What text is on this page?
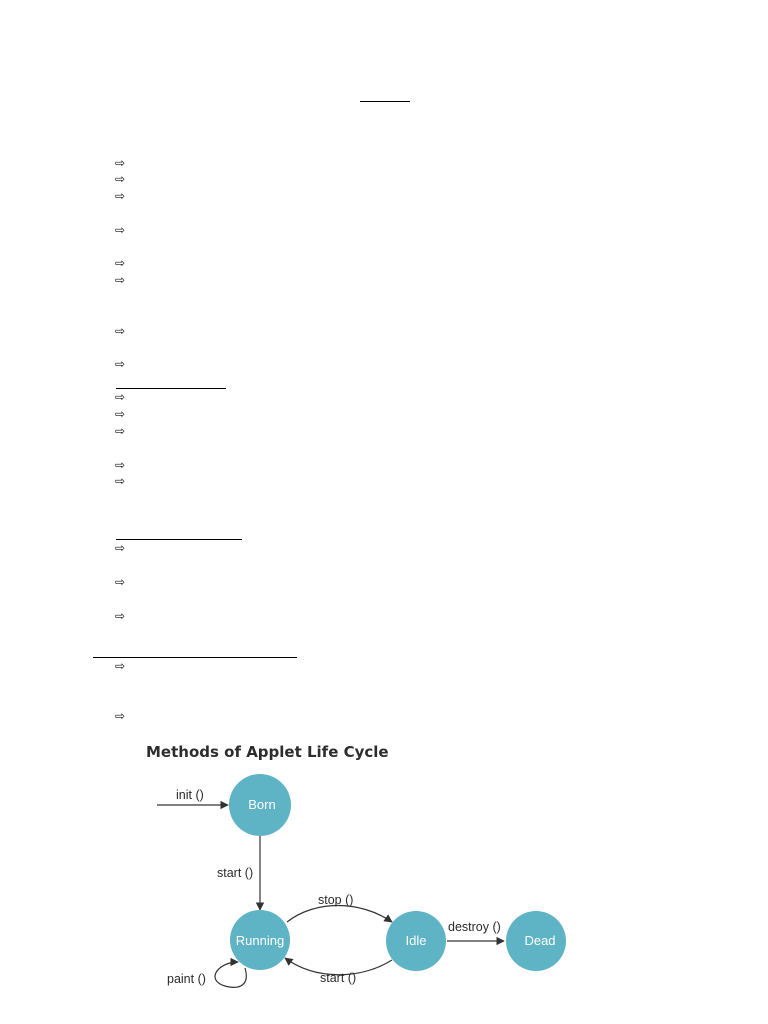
⇨
⇨
⇨
⇨
⇨
⇨
⇨
⇨
⇨
⇨
⇨
⇨
⇨
⇨
⇨
⇨
⇨
⇨
Methods of Applet Life Cycle
Born
Running	Idle	Dead
init ()
start ()
stop ()
start ()
destroy ()
paint ()
